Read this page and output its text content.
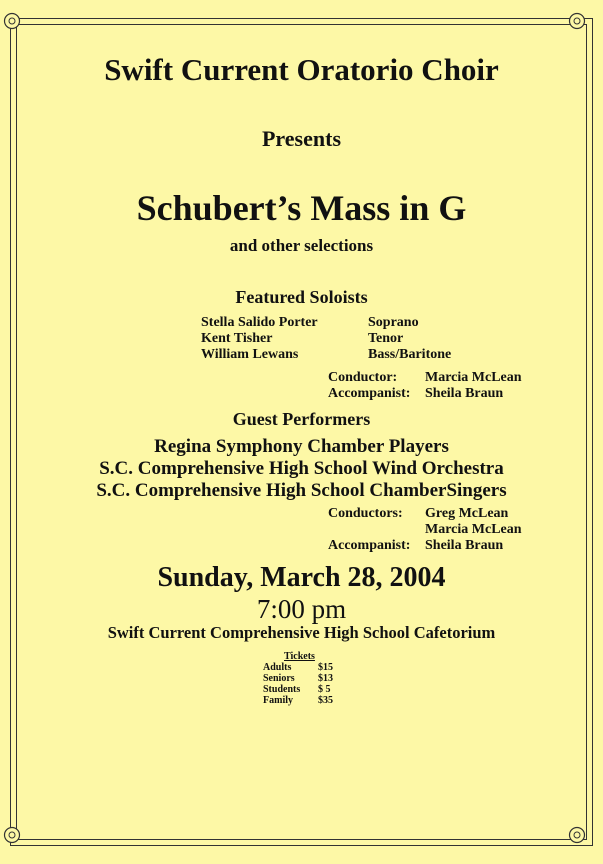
Swift Current Oratorio Choir
Presents
Schubert’s Mass in G
and other selections
Featured Soloists
Stella Salido Porter	Soprano
Kent Tisher	Tenor
William Lewans	Bass/Baritone
Conductor: Marcia McLean
Accompanist: Sheila Braun
Guest Performers
Regina Symphony Chamber Players
S.C. Comprehensive High School Wind Orchestra
S.C. Comprehensive High School ChamberSingers
Conductors: Greg McLean
Marcia McLean
Accompanist: Sheila Braun
Sunday, March 28, 2004
7:00 pm
Swift Current Comprehensive High School Cafetorium
Tickets
Adults	$15
Seniors $13
Students $ 5
Family	$35
